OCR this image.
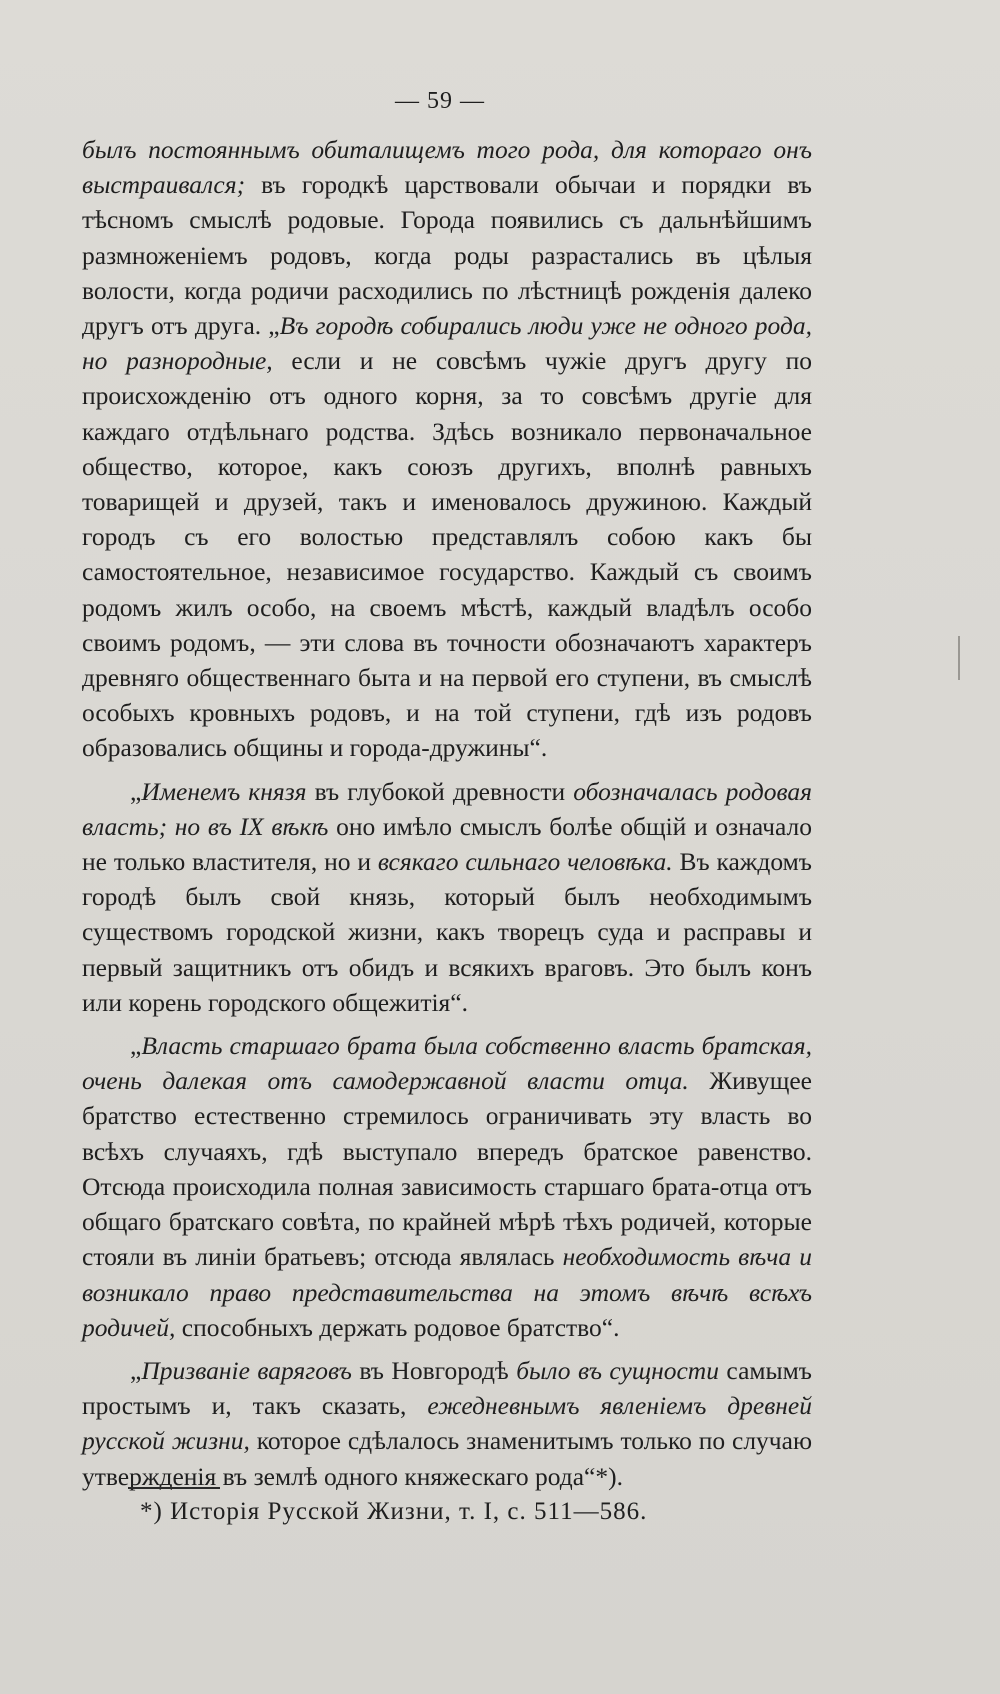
— 59 —

былъ постояннымъ обиталищемъ того рода, для котораго онъ выстраивался; въ городкѣ царствовали обычаи и порядки въ тѣсномъ смыслѣ родовые. Города появились съ дальнѣйшимъ размноженіемъ родовъ, когда роды разрастались въ цѣлыя волости, когда родичи расходились по лѣстницѣ рожденія далеко другъ отъ друга. „Въ городѣ собирались люди уже не одного рода, но разнородные, если и не совсѣмъ чужіе другъ другу по происхожденію отъ одного корня, за то совсѣмъ другіе для каждаго отдѣльнаго родства. Здѣсь возникало первоначальное общество, которое, какъ союзъ другихъ, вполнѣ равныхъ товарищей и друзей, такъ и именовалось дружиною. Каждый городъ съ его волостью представлялъ собою какъ бы самостоятельное, независимое государство. Каждый съ своимъ родомъ жилъ особо, на своемъ мѣстѣ, каждый владѣлъ особо своимъ родомъ, — эти слова въ точности обозначаютъ характеръ древняго общественнаго быта и на первой его ступени, въ смыслѣ особыхъ кровныхъ родовъ, и на той ступени, гдѣ изъ родовъ образовались общины и города-дружины“.

„Именемъ князя въ глубокой древности обозначалась родовая власть; но въ IX вѣкѣ оно имѣло смыслъ болѣе общій и означало не только властителя, но и всякаго сильнаго человѣка. Въ каждомъ городѣ былъ свой князь, который былъ необходимымъ существомъ городской жизни, какъ творецъ суда и расправы и первый защитникъ отъ обидъ и всякихъ враговъ. Это былъ конъ или корень городского общежитія“.

„Власть старшаго брата была собственно власть братская, очень далекая отъ самодержавной власти отца. Живущее братство естественно стремилось ограничивать эту власть во всѣхъ случаяхъ, гдѣ выступало впередъ братское равенство. Отсюда происходила полная зависимость старшаго брата-отца отъ общаго братскаго совѣта, по крайней мѣрѣ тѣхъ родичей, которые стояли въ линіи братьевъ; отсюда являлась необходимость вѣча и возникало право представительства на этомъ вѣчѣ всѣхъ родичей, способныхъ держать родовое братство“.

„Призваніе варяговъ въ Новгородѣ было въ сущности самымъ простымъ и, такъ сказать, ежедневнымъ явленіемъ древней русской жизни, которое сдѣлалось знаменитымъ только по случаю утвержденія въ землѣ одного княжескаго рода“*).

*) Исторія Русской Жизни, т. I, с. 511—586.
